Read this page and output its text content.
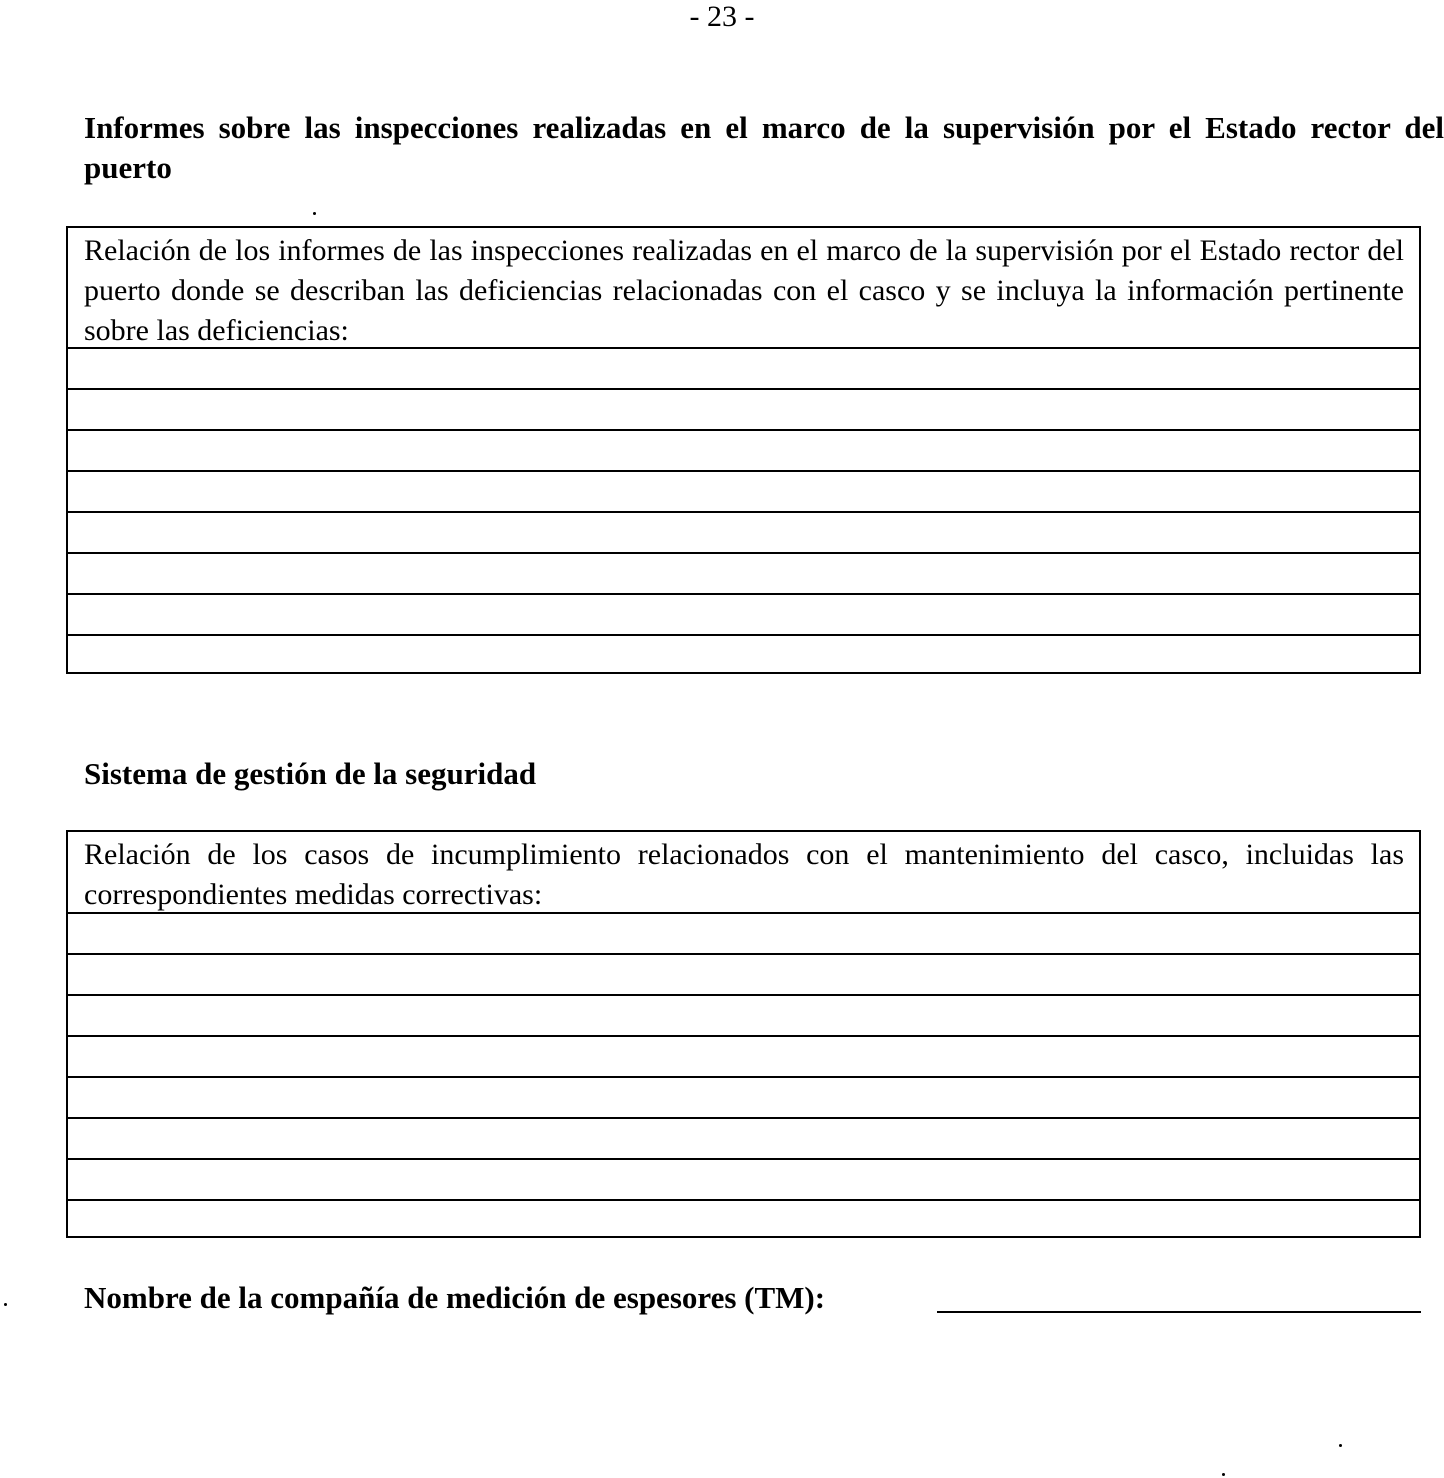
- 23 -
Informes sobre las inspecciones realizadas en el marco de la supervisión por el Estado rector del puerto

Relación de los informes de las inspecciones realizadas en el marco de la supervisión por el Estado rector del puerto donde se describan las deficiencias relacionadas con el casco y se incluya la información pertinente sobre las deficiencias:

Sistema de gestión de la seguridad

Relación de los casos de incumplimiento relacionados con el mantenimiento del casco, incluidas las correspondientes medidas correctivas:

Nombre de la compañía de medición de espesores (TM):
